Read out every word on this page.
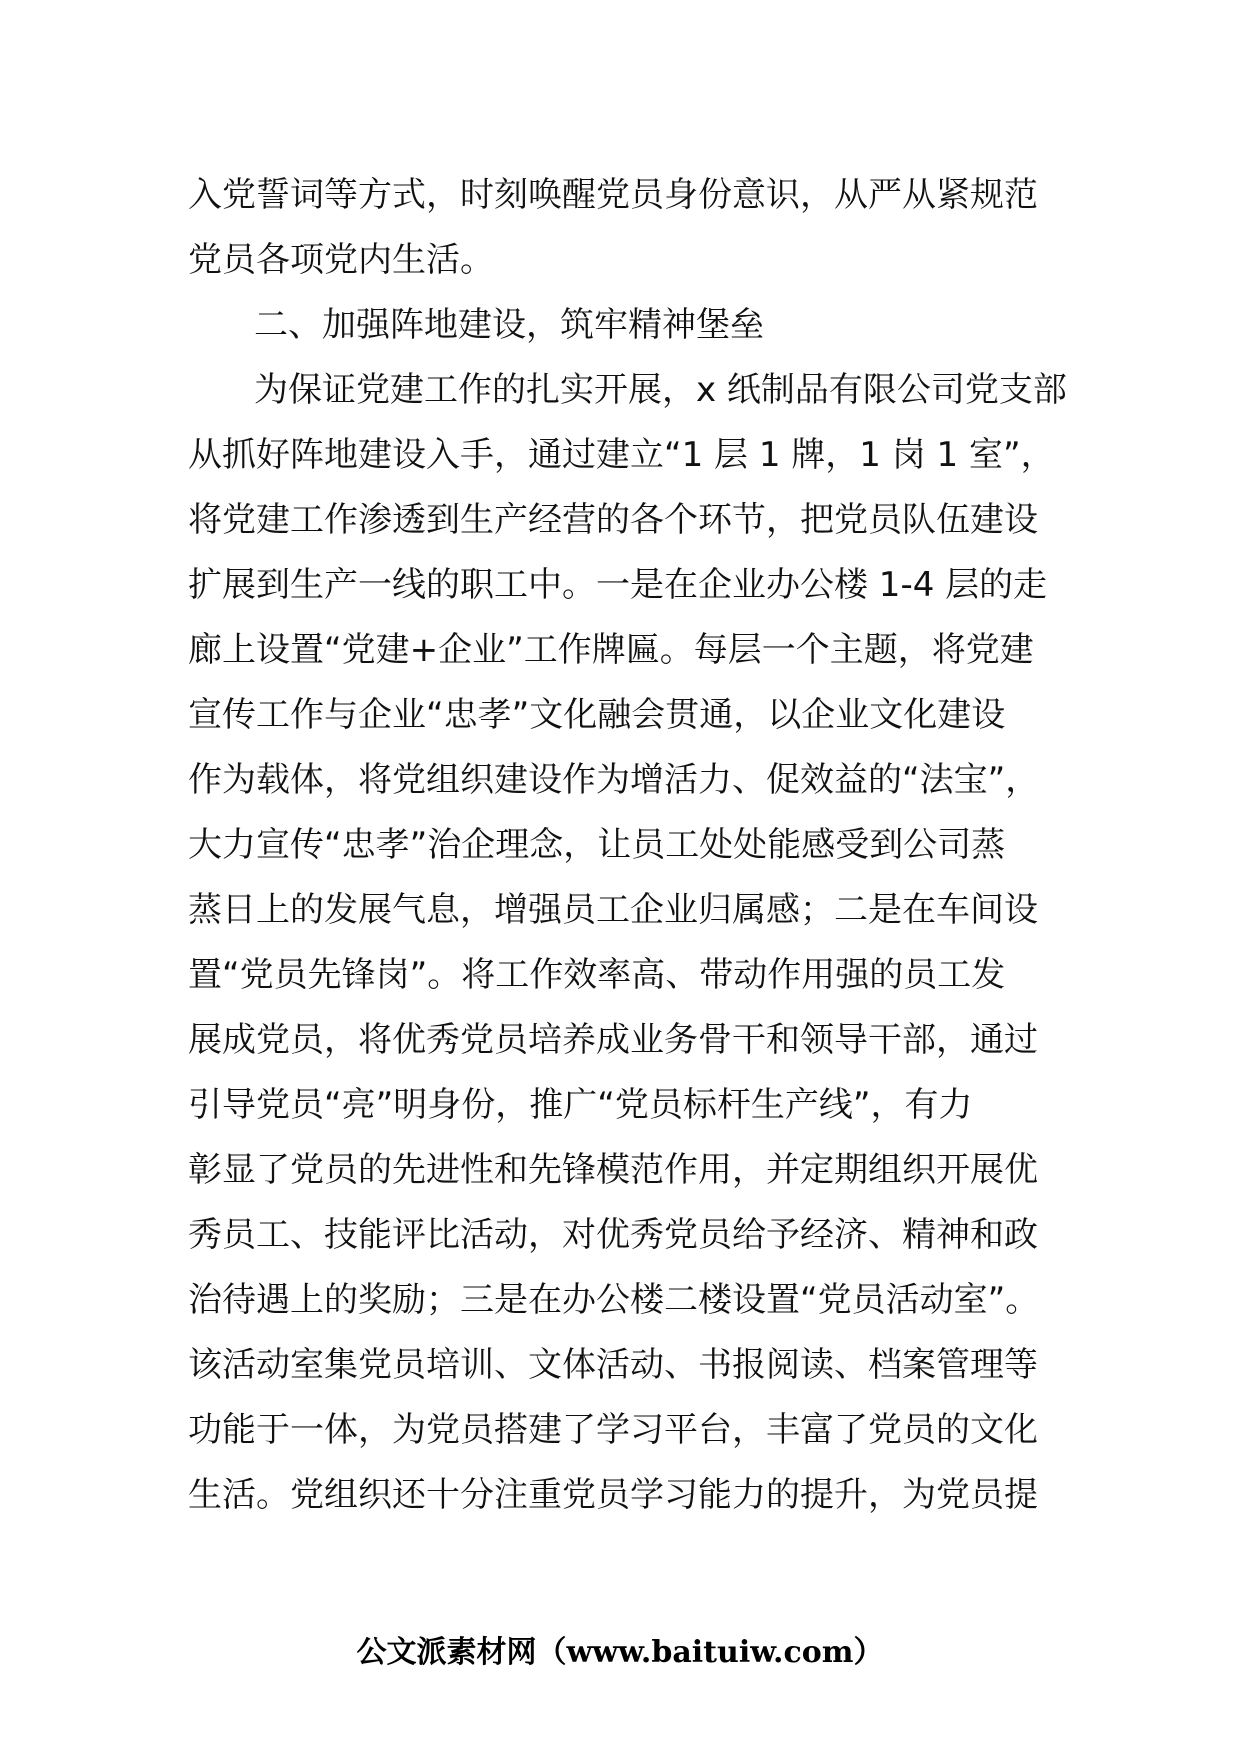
入党誓词等方式，时刻唤醒党员身份意识，从严从紧规范
党员各项党内生活。
二、加强阵地建设，筑牢精神堡垒
为保证党建工作的扎实开展，x 纸制品有限公司党支部
从抓好阵地建设入手，通过建立“1 层 1 牌，1 岗 1 室”，
将党建工作渗透到生产经营的各个环节，把党员队伍建设
扩展到生产一线的职工中。一是在企业办公楼 1-4 层的走
廊上设置“党建+企业”工作牌匾。每层一个主题，将党建
宣传工作与企业“忠孝”文化融会贯通，以企业文化建设
作为载体，将党组织建设作为增活力、促效益的“法宝”，
大力宣传“忠孝”治企理念，让员工处处能感受到公司蒸
蒸日上的发展气息，增强员工企业归属感；二是在车间设
置“党员先锋岗”。将工作效率高、带动作用强的员工发
展成党员，将优秀党员培养成业务骨干和领导干部，通过
引导党员“亮”明身份，推广“党员标杆生产线”，有力
彰显了党员的先进性和先锋模范作用，并定期组织开展优
秀员工、技能评比活动，对优秀党员给予经济、精神和政
治待遇上的奖励；三是在办公楼二楼设置“党员活动室”。
该活动室集党员培训、文体活动、书报阅读、档案管理等
功能于一体，为党员搭建了学习平台，丰富了党员的文化
生活。党组织还十分注重党员学习能力的提升，为党员提
公文派素材网（www.baituiw.com）
